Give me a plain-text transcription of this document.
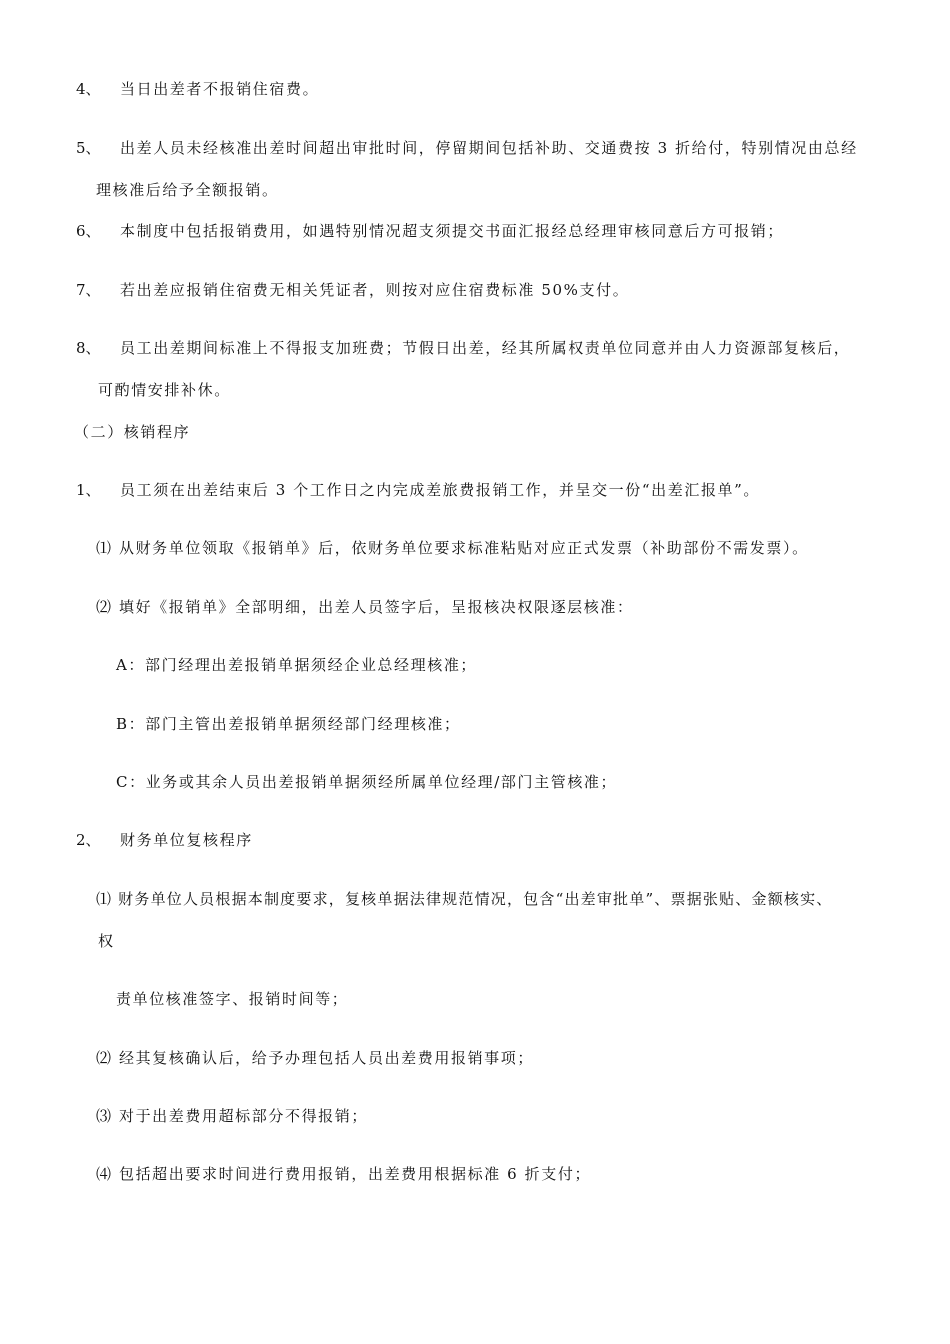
4、 当日出差者不报销住宿费。
5、 出差人员未经核准出差时间超出审批时间，停留期间包括补助、交通费按 3 折给付，特别情况由总经
理核准后给予全额报销。
6、 本制度中包括报销费用，如遇特别情况超支须提交书面汇报经总经理审核同意后方可报销；
7、 若出差应报销住宿费无相关凭证者，则按对应住宿费标准 50%支付。
8、 员工出差期间标准上不得报支加班费；节假日出差，经其所属权责单位同意并由人力资源部复核后，
可酌情安排补休。
（二）核销程序
1、 员工须在出差结束后 3 个工作日之内完成差旅费报销工作，并呈交一份“出差汇报单”。
⑴ 从财务单位领取《报销单》后，依财务单位要求标准粘贴对应正式发票（补助部份不需发票）。
⑵ 填好《报销单》全部明细，出差人员签字后，呈报核决权限逐层核准：
A：部门经理出差报销单据须经企业总经理核准；
B：部门主管出差报销单据须经部门经理核准；
C：业务或其余人员出差报销单据须经所属单位经理/部门主管核准；
2、 财务单位复核程序
⑴ 财务单位人员根据本制度要求，复核单据法律规范情况，包含“出差审批单”、票据张贴、金额核实、
权
责单位核准签字、报销时间等；
⑵ 经其复核确认后，给予办理包括人员出差费用报销事项；
⑶ 对于出差费用超标部分不得报销；
⑷ 包括超出要求时间进行费用报销，出差费用根据标准 6 折支付；
